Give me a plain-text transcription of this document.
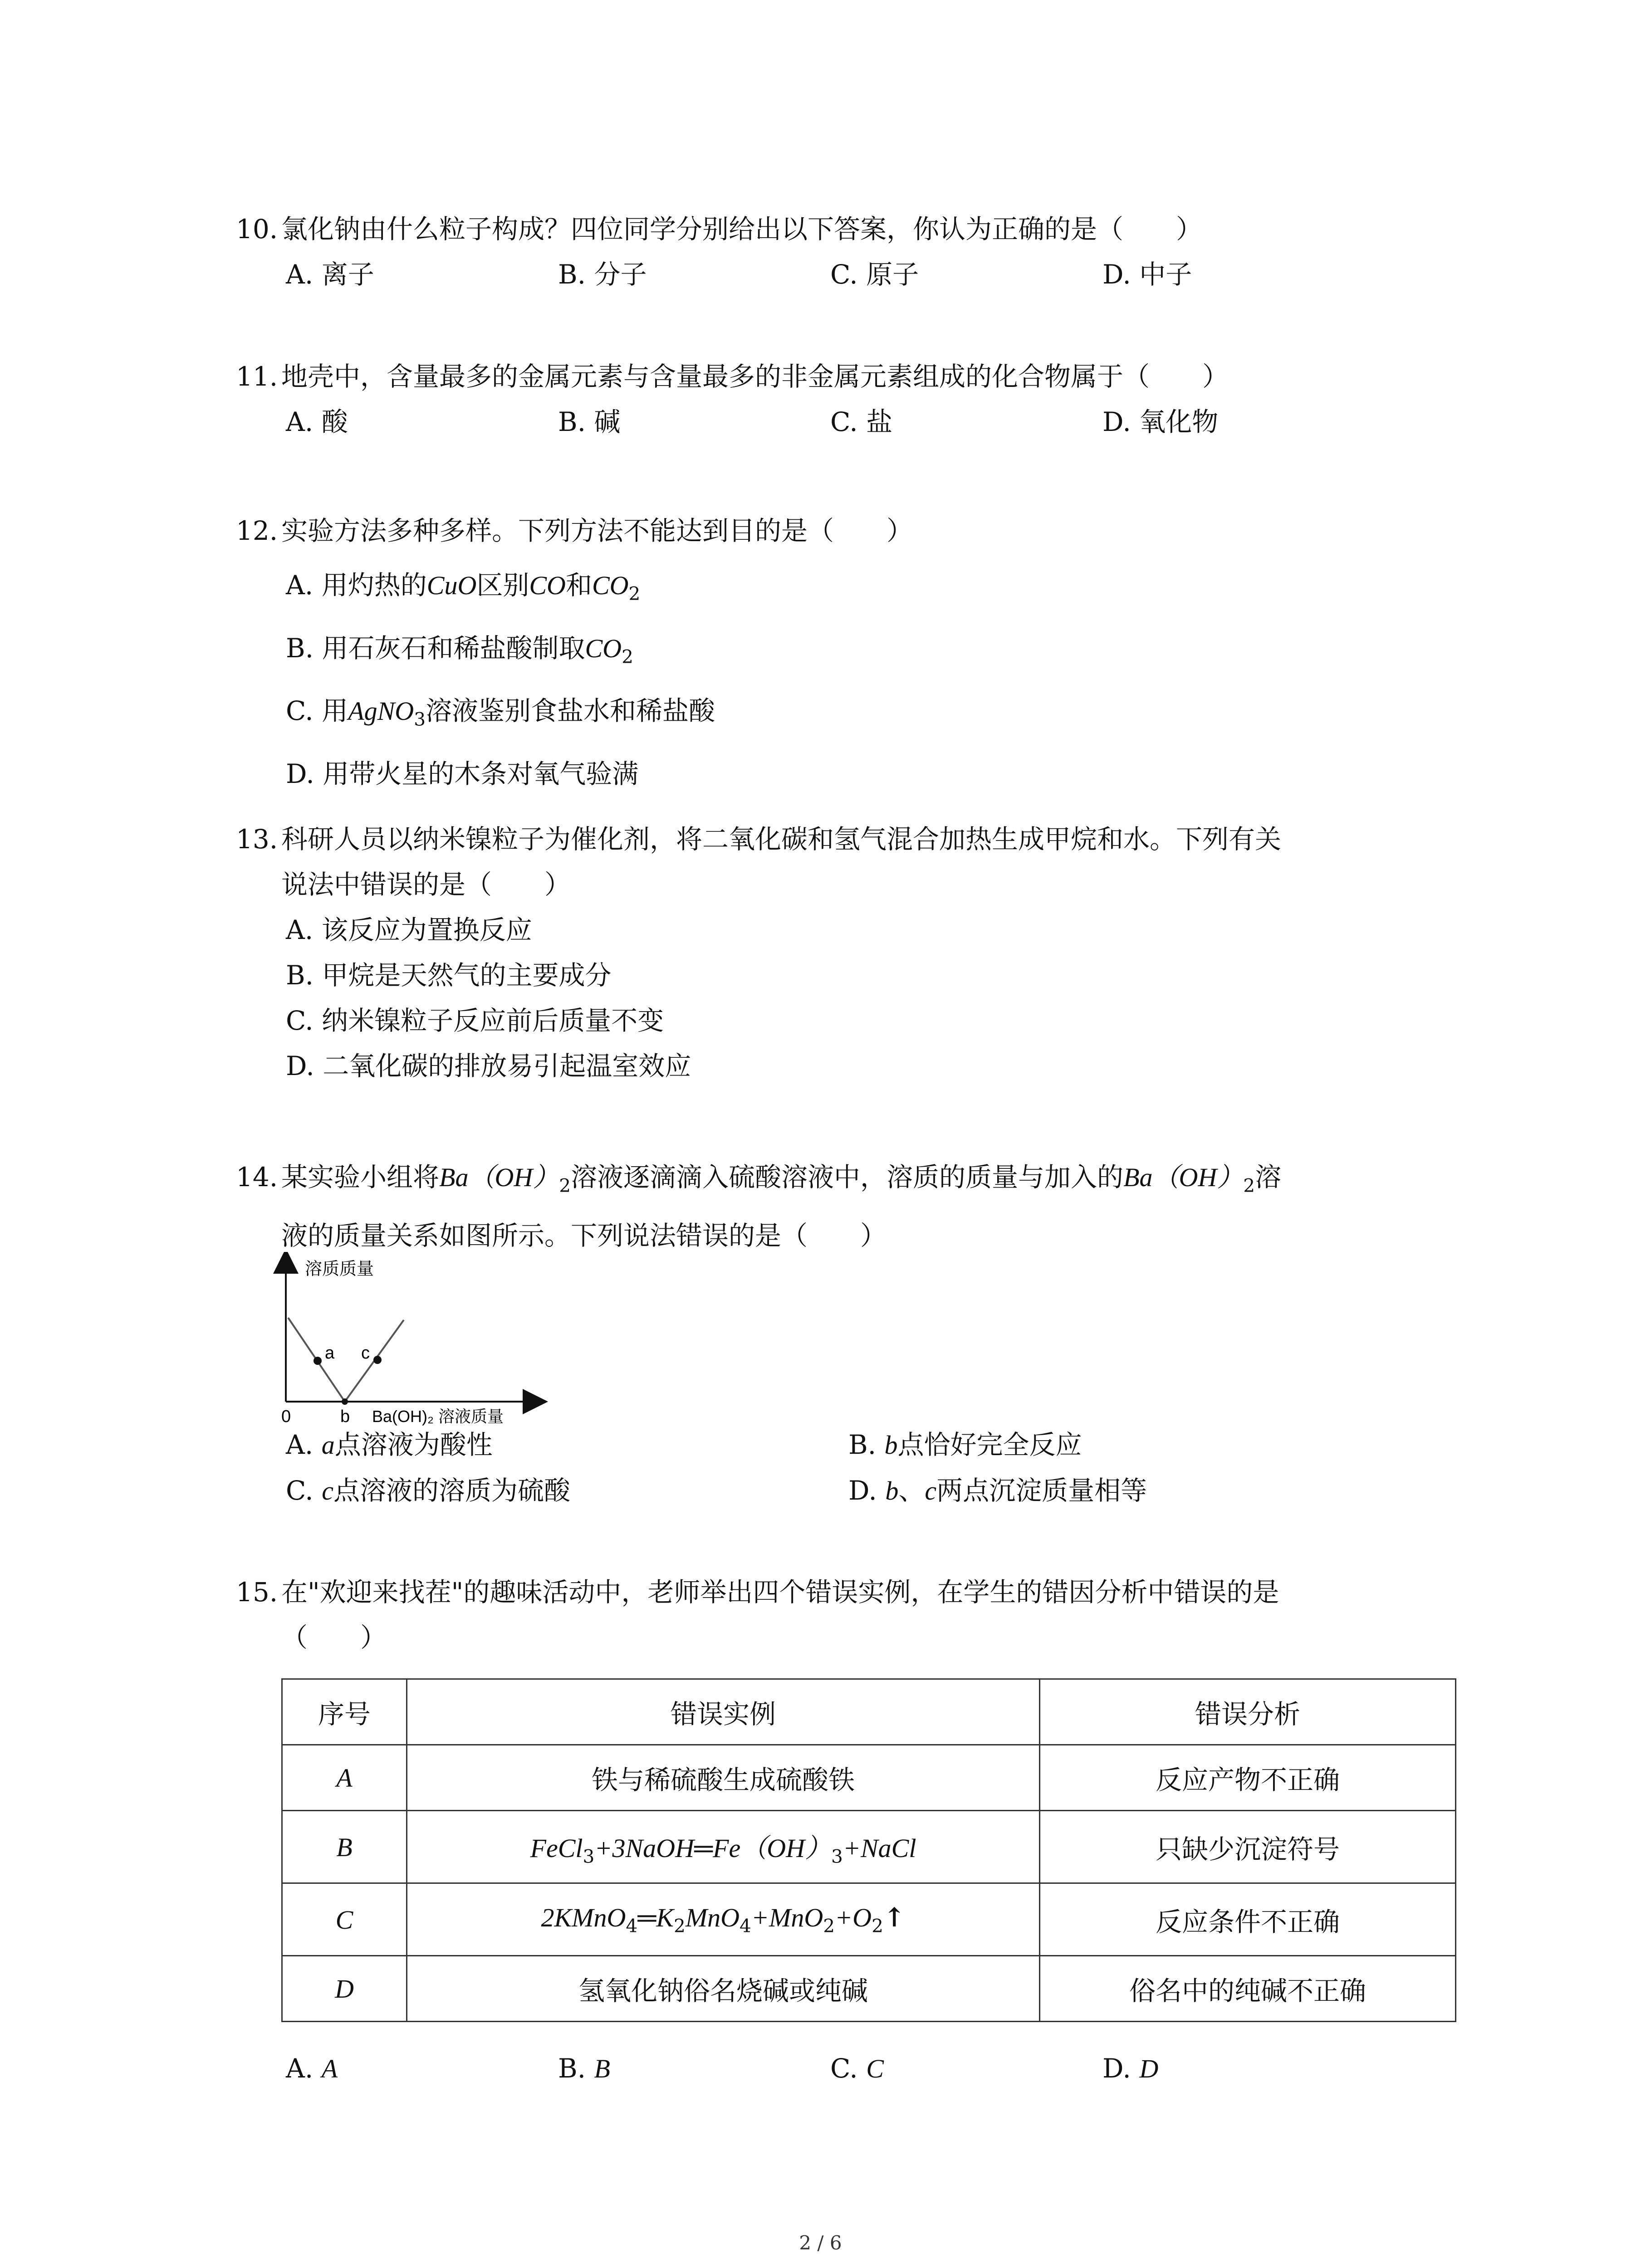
10. 氯化钠由什么粒子构成？四位同学分别给出以下答案，你认为正确的是（　　）
A. 离子	B. 分子	C. 原子	D. 中子
11. 地壳中，含量最多的金属元素与含量最多的非金属元素组成的化合物属于（　　）
A. 酸	B. 碱	C. 盐	D. 氧化物
12. 实验方法多种多样。下列方法不能达到目的是（　　）
A. 用灼热的CuO区别CO和$CO_2$
B. 用石灰石和稀盐酸制取$CO_2$
C. 用AgNO$_3$溶液鉴别食盐水和稀盐酸
D. 用带火星的木条对氧气验满
13. 科研人员以纳米镍粒子为催化剂，将二氧化碳和氢气混合加热生成甲烷和水。下列有关
说法中错误的是（　　）
A. 该反应为置换反应
B. 甲烷是天然气的主要成分
C. 纳米镍粒子反应前后质量不变
D. 二氧化碳的排放易引起温室效应
14. 某实验小组将$Ba(OH)_2$溶液逐滴滴入硫酸溶液中，溶质的质量与加入的$Ba(OH)_2$溶
液的质量关系如图所示。下列说法错误的是（　　）
溶质质量
a c
0	b Ba(OH)₂ 溶液质量
A. a点溶液为酸性	B. b点恰好完全反应
C. c点溶液的溶质为硫酸	D. b、c两点沉淀质量相等
15. 在"欢迎来找茬"的趣味活动中，老师举出四个错误实例，在学生的错因分析中错误的是
（　　）
序号	错误实例	错误分析
A	铁与稀硫酸生成硫酸铁	反应产物不正确
B	$FeCl_3+3NaOH═Fe(OH)_3+NaCl$	只缺少沉淀符号
C	$2KMnO_4═K_2MnO_4+MnO_2+O_2↑$	反应条件不正确
D	氢氧化钠俗名烧碱或纯碱	俗名中的纯碱不正确
A. A	B. B	C. C	D. D
2 / 6
